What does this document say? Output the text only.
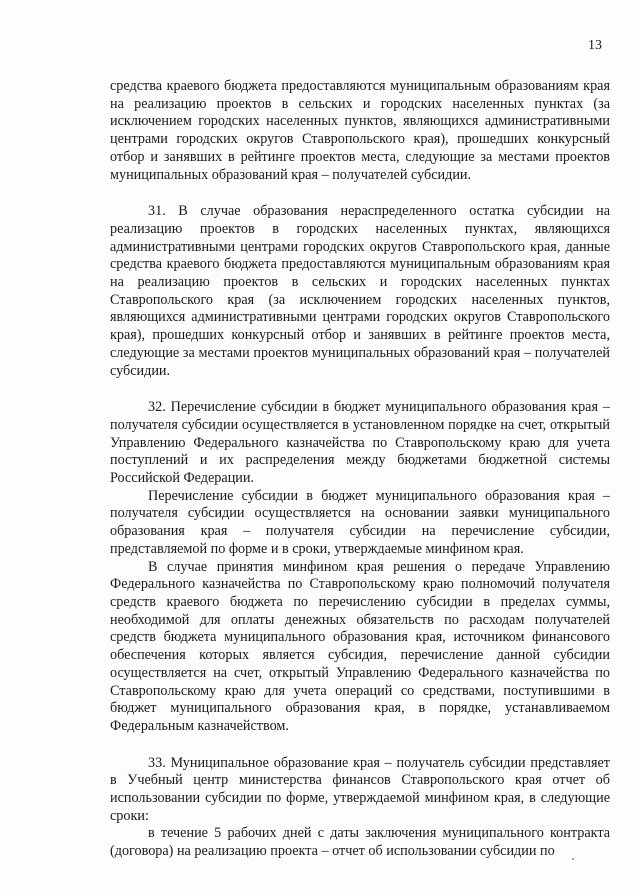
13

средства краевого бюджета предоставляются муниципальным образованиям края на реализацию проектов в сельских и городских населенных пунктах (за исключением городских населенных пунктов, являющихся административными центрами городских округов Ставропольского края), прошедших конкурсный отбор и занявших в рейтинге проектов места, следующие за местами проектов муниципальных образований края – получателей субсидии.

31. В случае образования нераспределенного остатка субсидии на реализацию проектов в городских населенных пунктах, являющихся административными центрами городских округов Ставропольского края, данные средства краевого бюджета предоставляются муниципальным образованиям края на реализацию проектов в сельских и городских населенных пунктах Ставропольского края (за исключением городских населенных пунктов, являющихся административными центрами городских округов Ставропольского края), прошедших конкурсный отбор и занявших в рейтинге проектов места, следующие за местами проектов муниципальных образований края – получателей субсидии.

32. Перечисление субсидии в бюджет муниципального образования края – получателя субсидии осуществляется в установленном порядке на счет, открытый Управлению Федерального казначейства по Ставропольскому краю для учета поступлений и их распределения между бюджетами бюджетной системы Российской Федерации.

Перечисление субсидии в бюджет муниципального образования края – получателя субсидии осуществляется на основании заявки муниципального образования края – получателя субсидии на перечисление субсидии, представляемой по форме и в сроки, утверждаемые минфином края.

В случае принятия минфином края решения о передаче Управлению Федерального казначейства по Ставропольскому краю полномочий получателя средств краевого бюджета по перечислению субсидии в пределах суммы, необходимой для оплаты денежных обязательств по расходам получателей средств бюджета муниципального образования края, источником финансового обеспечения которых является субсидия, перечисление данной субсидии осуществляется на счет, открытый Управлению Федерального казначейства по Ставропольскому краю для учета операций со средствами, поступившими в бюджет муниципального образования края, в порядке, устанавливаемом Федеральным казначейством.

33. Муниципальное образование края – получатель субсидии представляет в Учебный центр министерства финансов Ставропольского края отчет об использовании субсидии по форме, утверждаемой минфином края, в следующие сроки:

в течение 5 рабочих дней с даты заключения муниципального контракта (договора) на реализацию проекта – отчет об использовании субсидии по
